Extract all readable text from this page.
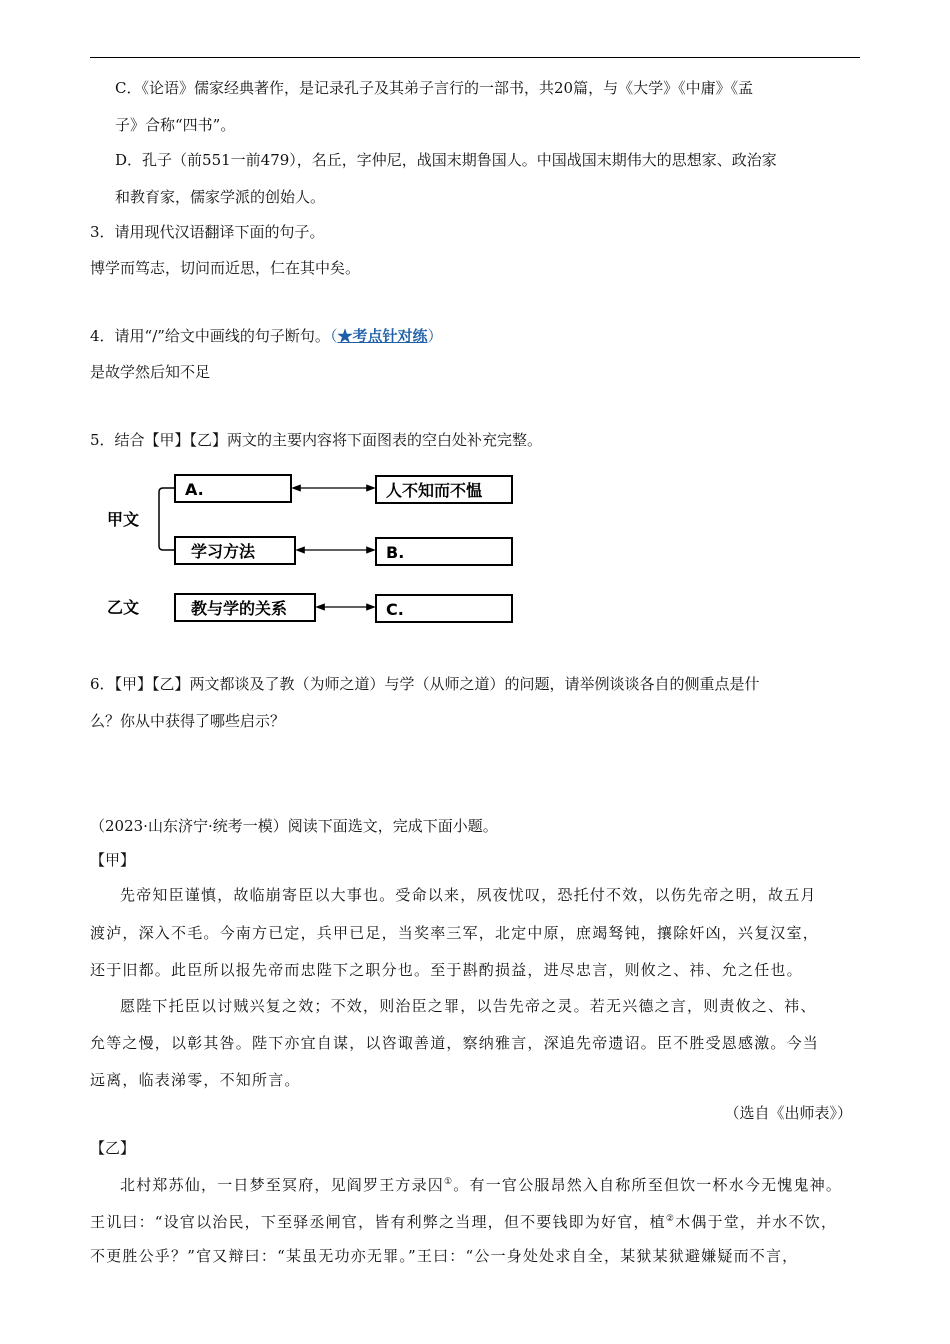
C．《论语》儒家经典著作，是记录孔子及其弟子言行的一部书，共20篇，与《大学》《中庸》《孟
子》合称“四书”。
D．孔子（前551一前479），名丘，字仲尼，战国末期鲁国人。中国战国末期伟大的思想家、政治家
和教育家，儒家学派的创始人。
3．请用现代汉语翻译下面的句子。
博学而笃志，切问而近思，仁在其中矣。
4．请用“/”给文中画线的句子断句。（★考点针对练）
是故学然后知不足
5．结合【甲】【乙】两文的主要内容将下面图表的空白处补充完整。
甲文
A.	人不知而不愠
学习方法	B.
乙文	教与学的关系	C.
6．【甲】【乙】两文都谈及了教（为师之道）与学（从师之道）的问题，请举例谈谈各自的侧重点是什
么？你从中获得了哪些启示？
（2023·山东济宁·统考一模）阅读下面选文，完成下面小题。
【甲】
先帝知臣谨慎，故临崩寄臣以大事也。受命以来，夙夜忧叹，恐托付不效，以伤先帝之明，故五月
渡泸，深入不毛。今南方已定，兵甲已足，当奖率三军，北定中原，庶竭驽钝，攘除奸凶，兴复汉室，
还于旧都。此臣所以报先帝而忠陛下之职分也。至于斟酌损益，进尽忠言，则攸之、祎、允之任也。
愿陛下托臣以讨贼兴复之效；不效，则治臣之罪，以告先帝之灵。若无兴德之言，则责攸之、祎、
允等之慢，以彰其咎。陛下亦宜自谋，以咨诹善道，察纳雅言，深追先帝遗诏。臣不胜受恩感激。今当
远离，临表涕零，不知所言。
（选自《出师表》）
【乙】
北村郑苏仙，一日梦至冥府，见阎罗王方录囚①。有一官公服昂然入自称所至但饮一杯水今无愧鬼神。
王讥曰：“设官以治民，下至驿丞闸官，皆有利弊之当理，但不要钱即为好官，植②木偶于堂，并水不饮，
不更胜公乎？”官又辩曰：“某虽无功亦无罪。”王曰：“公一身处处求自全，某狱某狱避嫌疑而不言，
